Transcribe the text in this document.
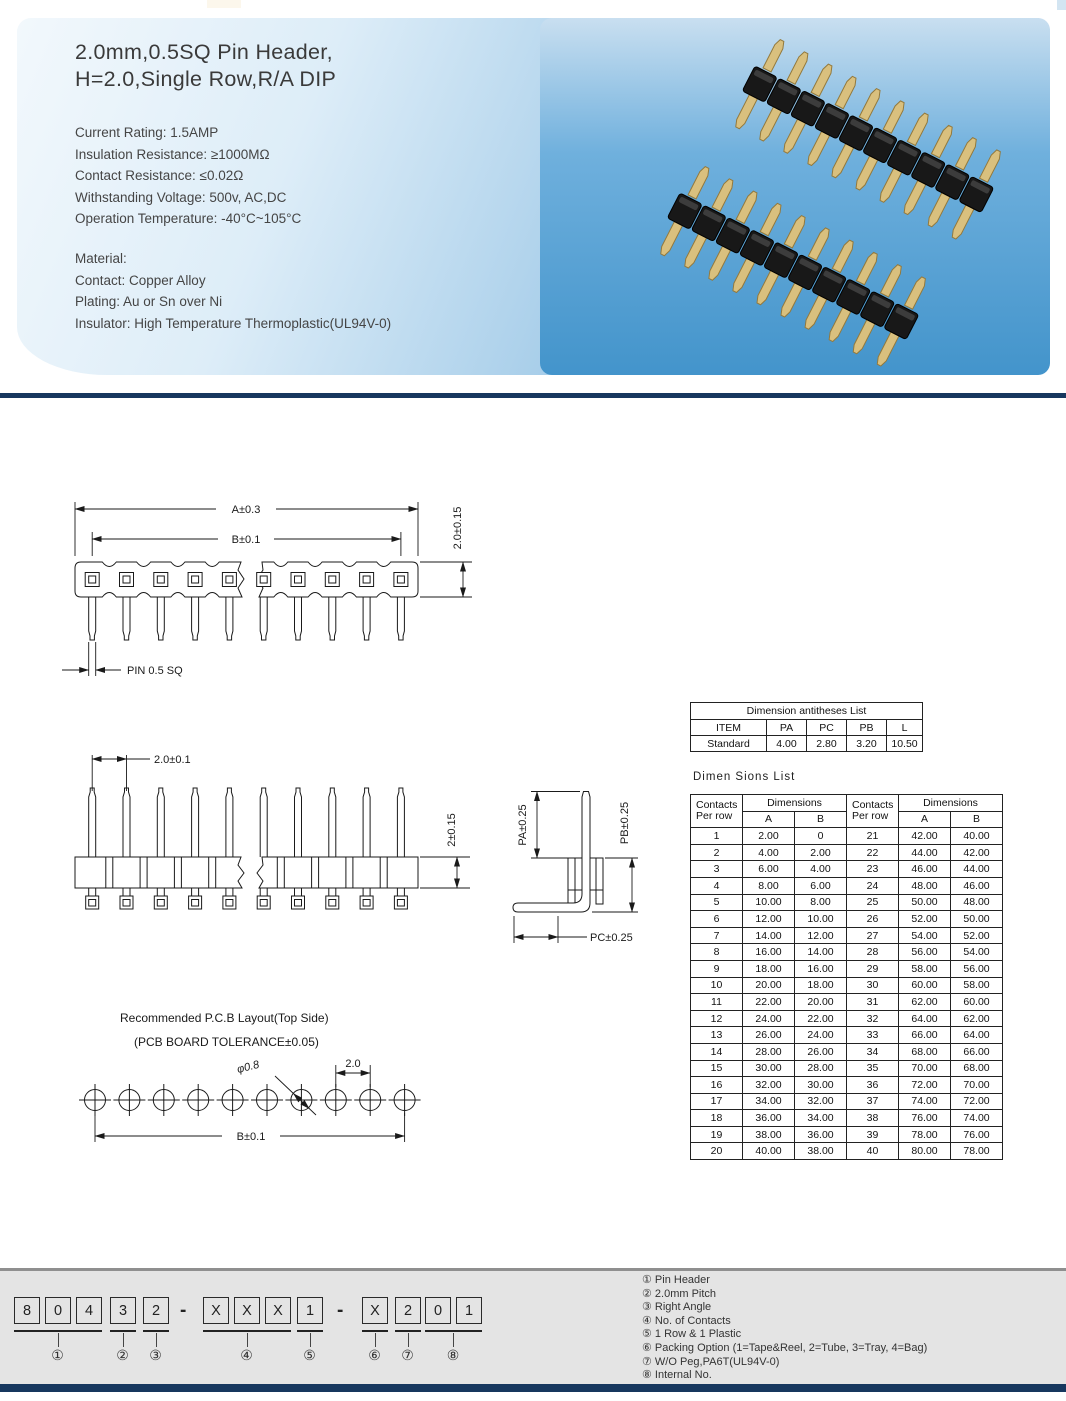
2.0mm,0.5SQ Pin Header,
H=2.0,Single Row,R/A DIP
Current Rating: 1.5AMP
Insulation Resistance: ≥1000MΩ
Contact Resistance: ≤0.02Ω
Withstanding Voltage: 500v, AC,DC
Operation Temperature: -40°C~105°C
Material:
Contact: Copper Alloy
Plating: Au or Sn over Ni
Insulator: High Temperature Thermoplastic(UL94V-0)
A±0.3
B±0.1	2.0±0.15
PIN 0.5 SQ
2.0±0.1
2±0.15	PA±0.25	PB±0.25
PC±0.25
Recommended P.C.B Layout(Top Side)
(PCB BOARD TOLERANCE±0.05)
2.0
φ0.8
B±0.1
Dimension antitheses List				
ITEM	PA	PC	PB	L
Standard	4.00	2.80	3.20	10.50
Dimen Sions List
Contacts
Per row	Dimensions		Contacts
Per row	Dimensions	
	A	B		A	B
1	2.00	0	21	42.00	40.00
2	4.00	2.00	22	44.00	42.00
3	6.00	4.00	23	46.00	44.00
4	8.00	6.00	24	48.00	46.00
5	10.00	8.00	25	50.00	48.00
6	12.00	10.00	26	52.00	50.00
7	14.00	12.00	27	54.00	52.00
8	16.00	14.00	28	56.00	54.00
9	18.00	16.00	29	58.00	56.00
10	20.00	18.00	30	60.00	58.00
11	22.00	20.00	31	62.00	60.00
12	24.00	22.00	32	64.00	62.00
13	26.00	24.00	33	66.00	64.00
14	28.00	26.00	34	68.00	66.00
15	30.00	28.00	35	70.00	68.00
16	32.00	30.00	36	72.00	70.00
17	34.00	32.00	37	74.00	72.00
18	36.00	34.00	38	76.00	74.00
19	38.00	36.00	39	78.00	76.00
20	40.00	38.00	40	80.00	78.00
8	0	4
①
3
②
2
③
-	X	X	X
④
1
⑤
-	X
⑥
2
⑦
0	1
⑧
① Pin Header
② 2.0mm Pitch
③ Right Angle
④ No. of Contacts
⑤ 1 Row & 1 Plastic
⑥ Packing Option (1=Tape&Reel, 2=Tube, 3=Tray, 4=Bag)
⑦ W/O Peg,PA6T(UL94V-0)
⑧ Internal No.
